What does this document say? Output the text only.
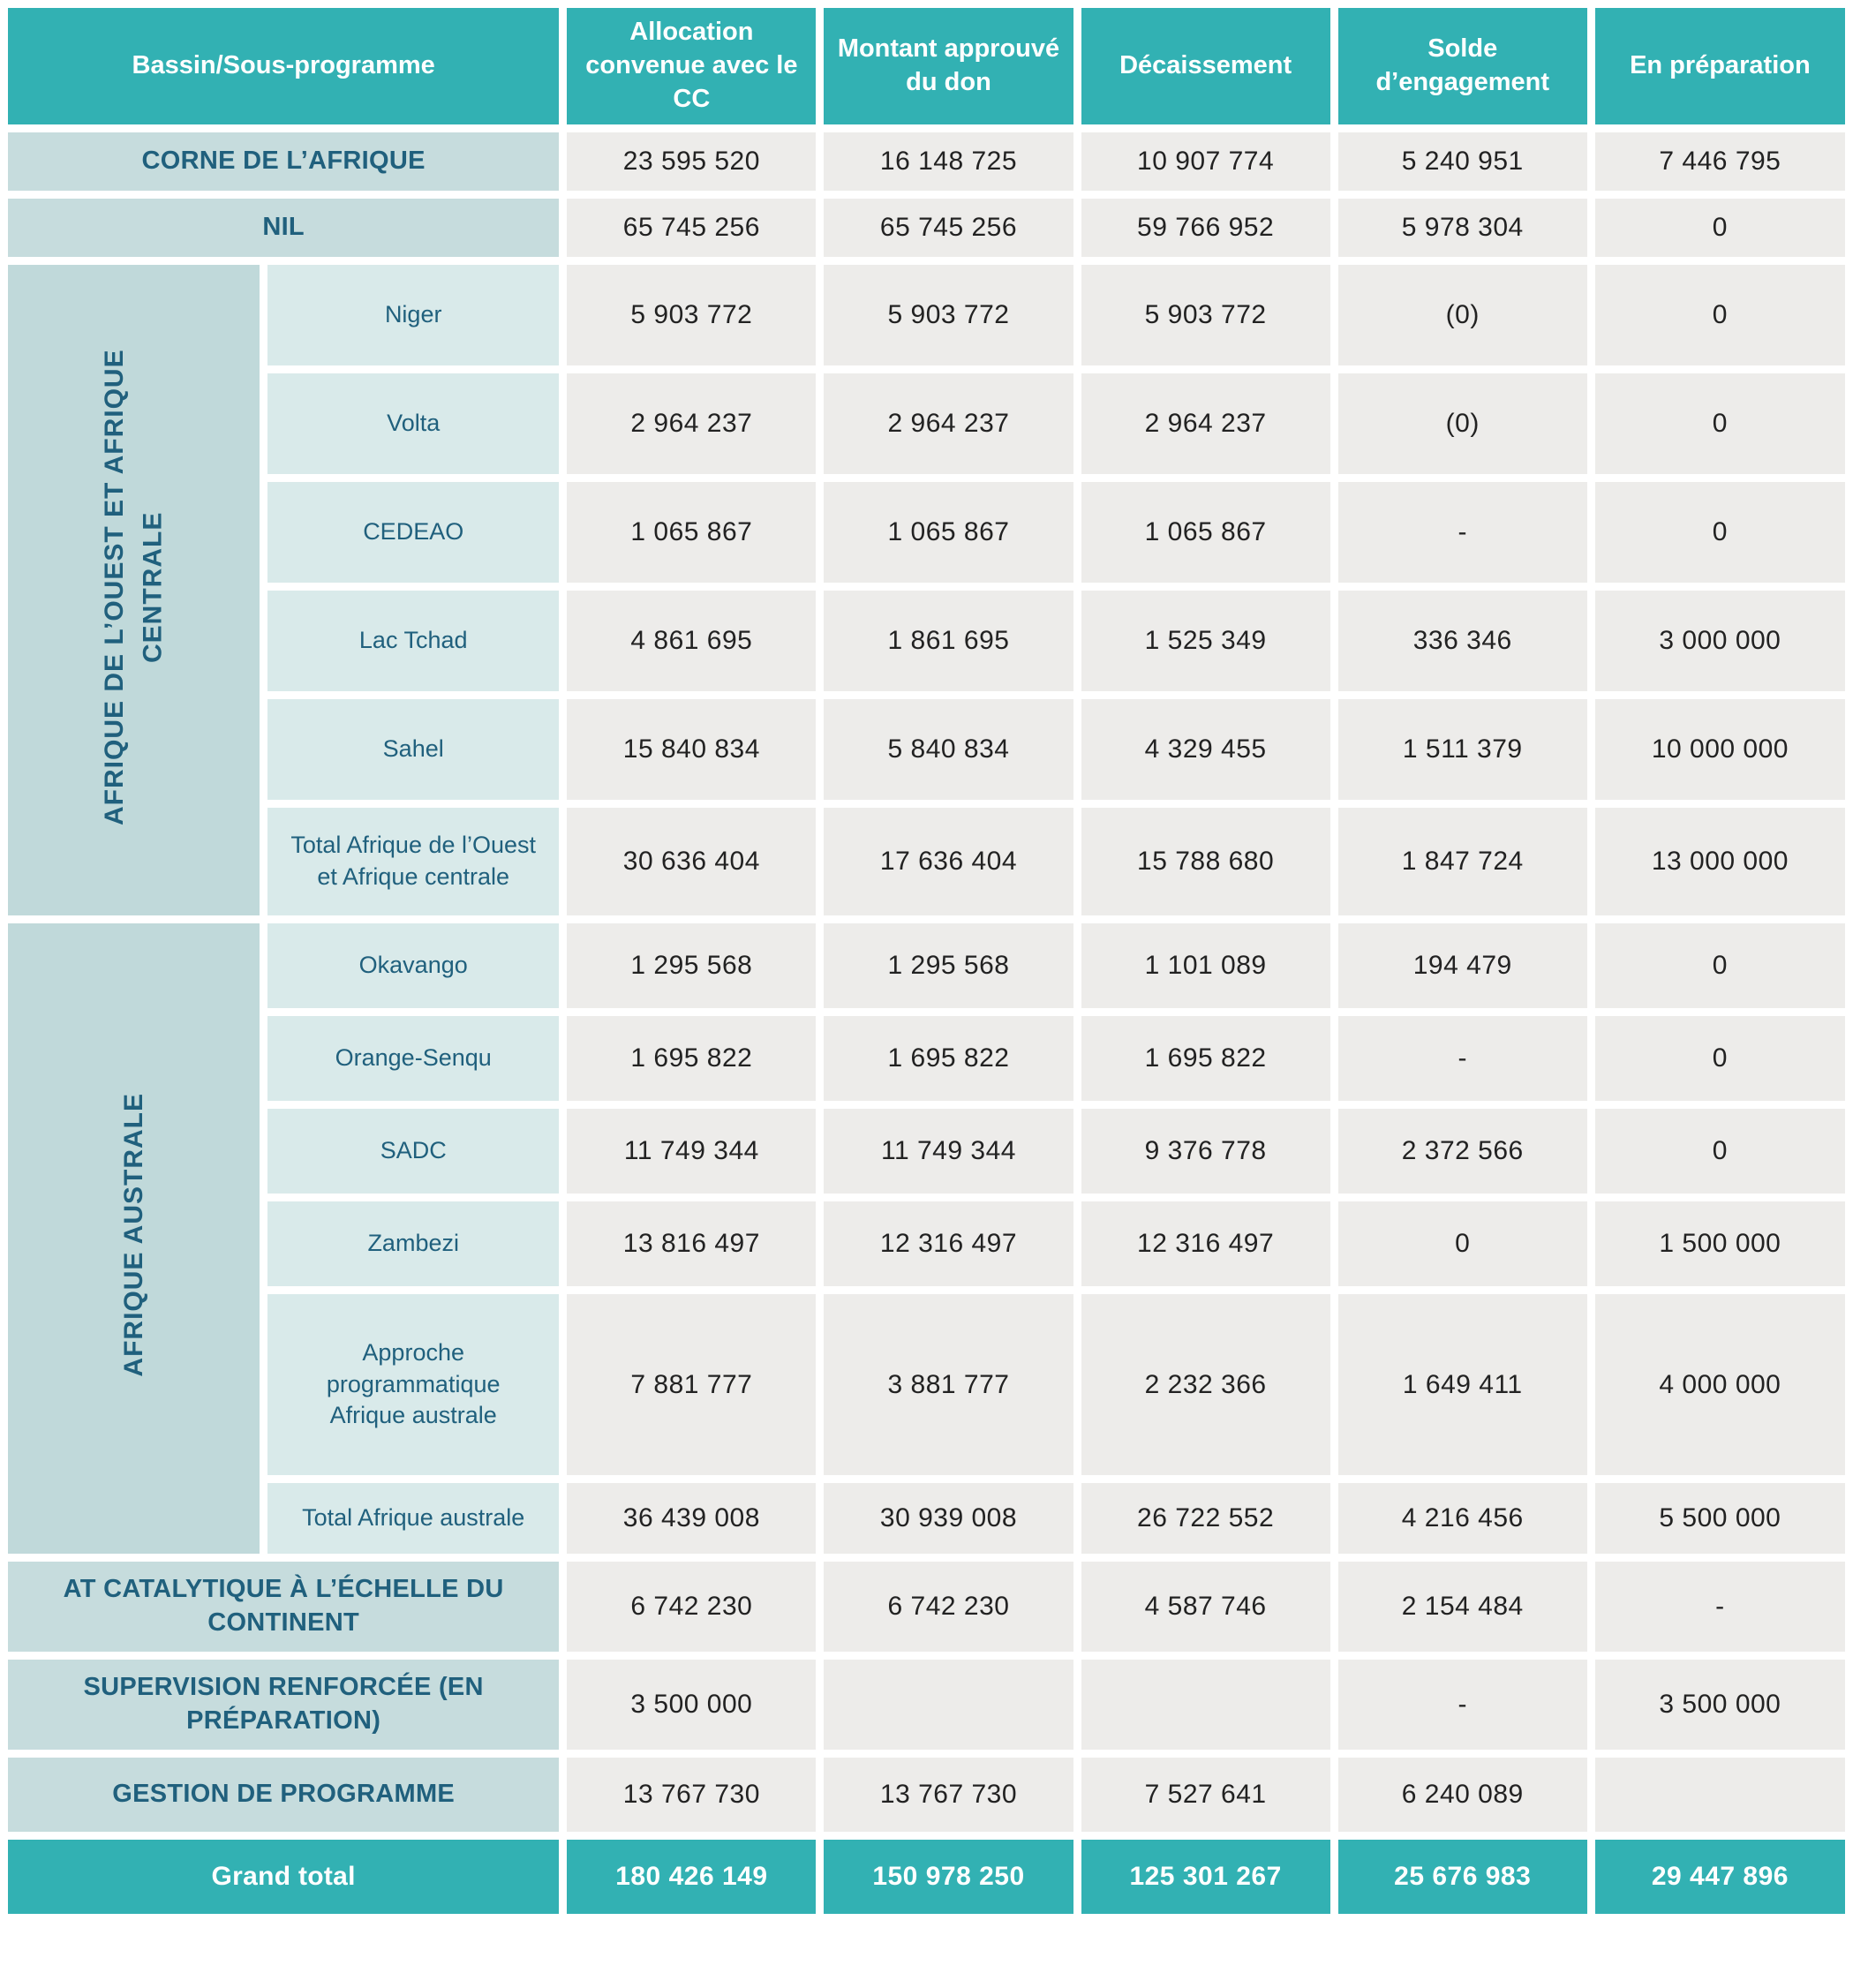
Bassin/Sous-programme		Allocation convenue avec le CC	Montant approuvé du don	Décaissement	Solde d’engagement	En préparation
CORNE DE L’AFRIQUE		23 595 520	16 148 725	10 907 774	5 240 951	7 446 795
NIL		65 745 256	65 745 256	59 766 952	5 978 304	0
AFRIQUE DE L’OUEST ET AFRIQUE CENTRALE	Niger	5 903 772	5 903 772	5 903 772	(0)	0
	Volta	2 964 237	2 964 237	2 964 237	(0)	0
	CEDEAO	1 065 867	1 065 867	1 065 867	-	0
	Lac Tchad	4 861 695	1 861 695	1 525 349	336 346	3 000 000
	Sahel	15 840 834	5 840 834	4 329 455	1 511 379	10 000 000
	Total Afrique de l’Ouest et Afrique centrale	30 636 404	17 636 404	15 788 680	1 847 724	13 000 000
AFRIQUE AUSTRALE	Okavango	1 295 568	1 295 568	1 101 089	194 479	0
	Orange-Senqu	1 695 822	1 695 822	1 695 822	-	0
	SADC	11 749 344	11 749 344	9 376 778	2 372 566	0
	Zambezi	13 816 497	12 316 497	12 316 497	0	1 500 000
	Approche programmatique Afrique australe	7 881 777	3 881 777	2 232 366	1 649 411	4 000 000
	Total Afrique australe	36 439 008	30 939 008	26 722 552	4 216 456	5 500 000
AT CATALYTIQUE À L’ÉCHELLE DU CONTINENT		6 742 230	6 742 230	4 587 746	2 154 484	-
SUPERVISION RENFORCÉE (EN PRÉPARATION)		3 500 000			-	3 500 000
GESTION DE PROGRAMME		13 767 730	13 767 730	7 527 641	6 240 089	
Grand total		180 426 149	150 978 250	125 301 267	25 676 983	29 447 896
